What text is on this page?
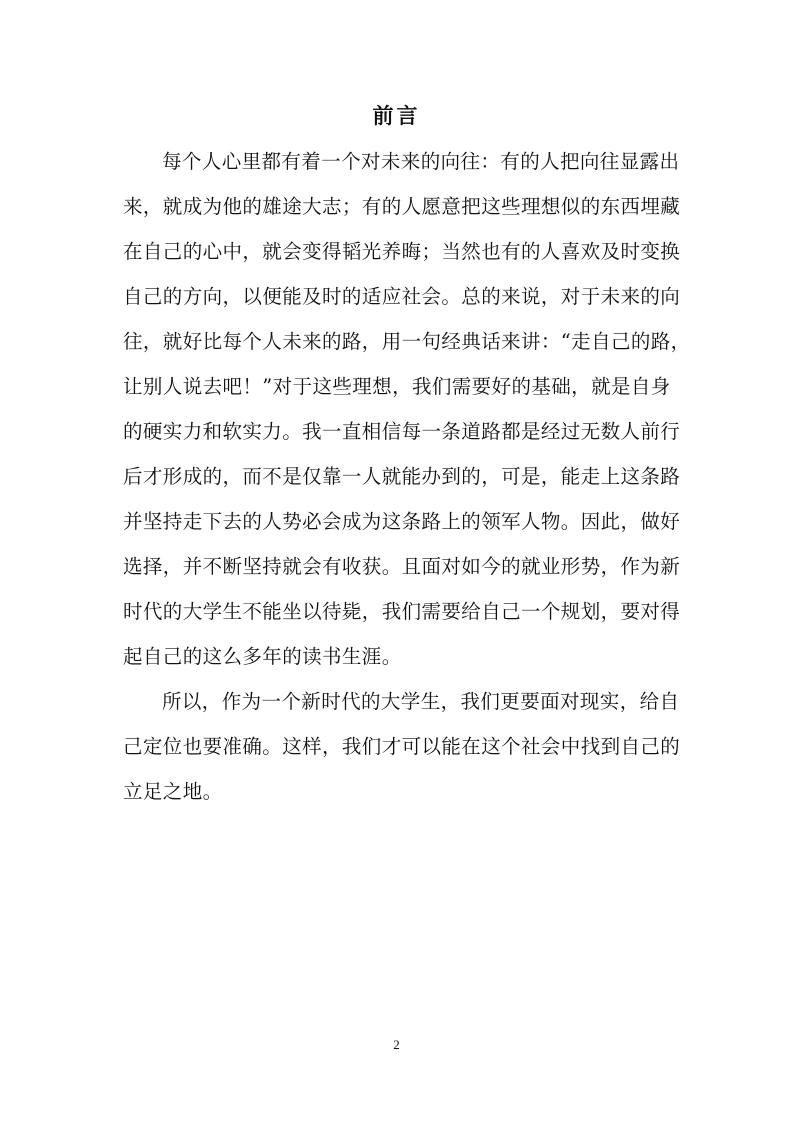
前言
每个人心里都有着一个对未来的向往：有的人把向往显露出
来，就成为他的雄途大志；有的人愿意把这些理想似的东西埋藏
在自己的心中，就会变得韬光养晦；当然也有的人喜欢及时变换
自己的方向，以便能及时的适应社会。总的来说，对于未来的向
往，就好比每个人未来的路，用一句经典话来讲：“走自己的路，
让别人说去吧！”对于这些理想，我们需要好的基础，就是自身
的硬实力和软实力。我一直相信每一条道路都是经过无数人前行
后才形成的，而不是仅靠一人就能办到的，可是，能走上这条路
并坚持走下去的人势必会成为这条路上的领军人物。因此，做好
选择，并不断坚持就会有收获。且面对如今的就业形势，作为新
时代的大学生不能坐以待毙，我们需要给自己一个规划，要对得
起自己的这么多年的读书生涯。
所以，作为一个新时代的大学生，我们更要面对现实，给自
己定位也要准确。这样，我们才可以能在这个社会中找到自己的
立足之地。
2
